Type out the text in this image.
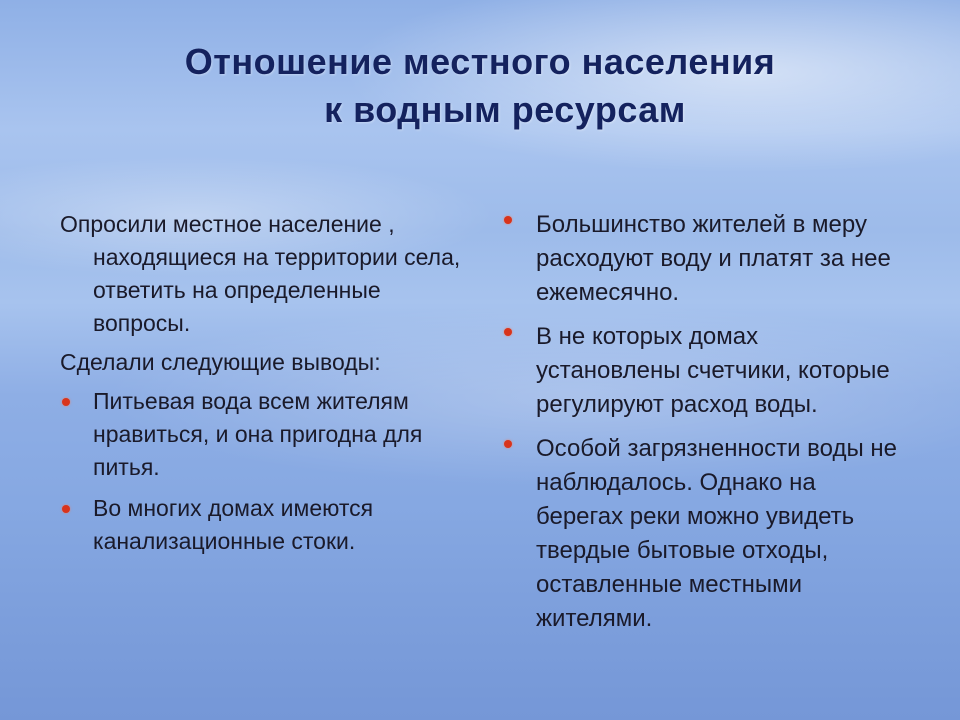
Отношение местного населения
к водным ресурсам

Опросили местное население , находящиеся на территории села, ответить на определенные вопросы.

Сделали следующие выводы:

Питьевая вода всем жителям нравиться, и она пригодна для питья.
Во многих домах имеются канализационные стоки.
Большинство жителей в меру расходуют воду и платят за нее ежемесячно.
В не которых домах установлены счетчики, которые регулируют расход воды.
Особой загрязненности воды не наблюдалось. Однако на берегах реки можно увидеть твердые бытовые отходы, оставленные местными жителями.
